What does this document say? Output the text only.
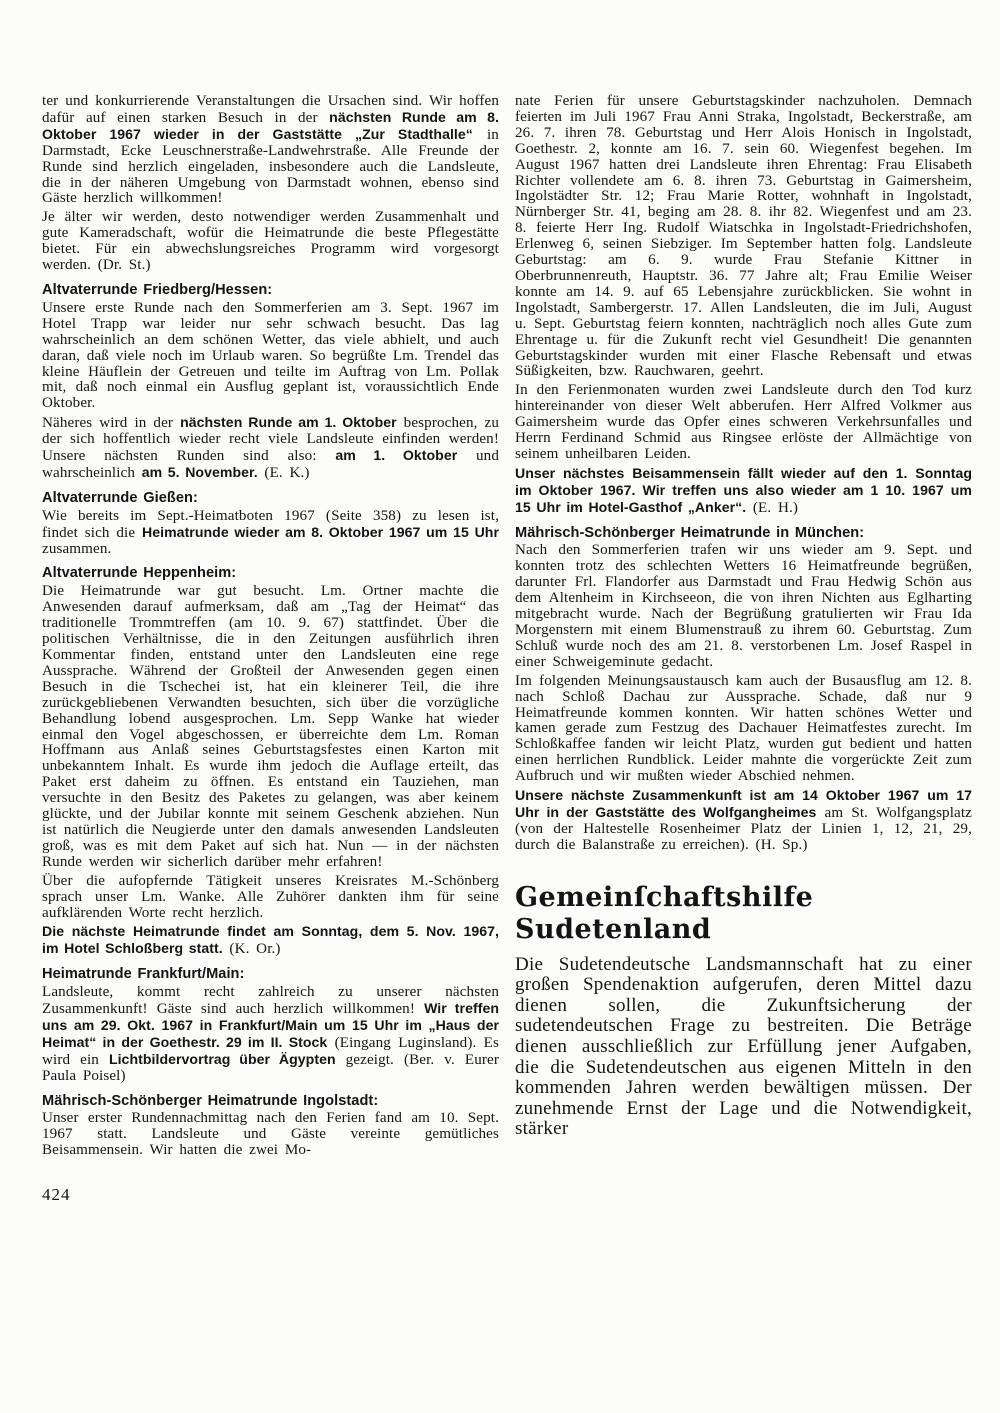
ter und konkurrierende Veranstaltungen die Ursachen sind. Wir hoffen dafür auf einen starken Besuch in der nächsten Runde am 8. Oktober 1967 wieder in der Gaststätte „Zur Stadthalle“ in Darmstadt, Ecke Leuschnerstraße-Landwehrstraße. Alle Freunde der Runde sind herzlich eingeladen, insbesondere auch die Landsleute, die in der näheren Umgebung von Darmstadt wohnen, ebenso sind Gäste herzlich willkommen!

Je älter wir werden, desto notwendiger werden Zusammenhalt und gute Kameradschaft, wofür die Heimatrunde die beste Pflegestätte bietet. Für ein abwechslungsreiches Programm wird vorgesorgt werden. (Dr. St.)

Altvaterrunde Friedberg/Hessen:

Unsere erste Runde nach den Sommerferien am 3. Sept. 1967 im Hotel Trapp war leider nur sehr schwach besucht. Das lag wahrscheinlich an dem schönen Wetter, das viele abhielt, und auch daran, daß viele noch im Urlaub waren. So begrüßte Lm. Trendel das kleine Häuflein der Getreuen und teilte im Auftrag von Lm. Pollak mit, daß noch einmal ein Ausflug geplant ist, voraussichtlich Ende Oktober.

Näheres wird in der nächsten Runde am 1. Oktober besprochen, zu der sich hoffentlich wieder recht viele Landsleute einfinden werden! Unsere nächsten Runden sind also: am 1. Oktober und wahrscheinlich am 5. November. (E. K.)

Altvaterrunde Gießen:

Wie bereits im Sept.-Heimatboten 1967 (Seite 358) zu lesen ist, findet sich die Heimatrunde wieder am 8. Oktober 1967 um 15 Uhr zusammen.

Altvaterrunde Heppenheim:

Die Heimatrunde war gut besucht. Lm. Ortner machte die Anwesenden darauf aufmerksam, daß am „Tag der Heimat“ das traditionelle Trommtreffen (am 10. 9. 67) stattfindet. Über die politischen Verhältnisse, die in den Zeitungen ausführlich ihren Kommentar finden, entstand unter den Landsleuten eine rege Aussprache. Während der Großteil der Anwesenden gegen einen Besuch in die Tschechei ist, hat ein kleinerer Teil, die ihre zurückgebliebenen Verwandten besuchten, sich über die vorzügliche Behandlung lobend ausgesprochen. Lm. Sepp Wanke hat wieder einmal den Vogel abgeschossen, er überreichte dem Lm. Roman Hoffmann aus Anlaß seines Geburtstagsfestes einen Karton mit unbekanntem Inhalt. Es wurde ihm jedoch die Auflage erteilt, das Paket erst daheim zu öffnen. Es entstand ein Tauziehen, man versuchte in den Besitz des Paketes zu gelangen, was aber keinem glückte, und der Jubilar konnte mit seinem Geschenk abziehen. Nun ist natürlich die Neugierde unter den damals anwesenden Landsleuten groß, was es mit dem Paket auf sich hat. Nun — in der nächsten Runde werden wir sicherlich darüber mehr erfahren!

Über die aufopfernde Tätigkeit unseres Kreisrates M.-Schönberg sprach unser Lm. Wanke. Alle Zuhörer dankten ihm für seine aufklärenden Worte recht herzlich.

Die nächste Heimatrunde findet am Sonntag, dem 5. Nov. 1967, im Hotel Schloßberg statt. (K. Or.)

Heimatrunde Frankfurt/Main:

Landsleute, kommt recht zahlreich zu unserer nächsten Zusammenkunft! Gäste sind auch herzlich willkommen! Wir treffen uns am 29. Okt. 1967 in Frankfurt/Main um 15 Uhr im „Haus der Heimat“ in der Goethestr. 29 im II. Stock (Eingang Luginsland). Es wird ein Lichtbildervortrag über Ägypten gezeigt. (Ber. v. Eurer Paula Poisel)

Mährisch-Schönberger Heimatrunde Ingolstadt:

Unser erster Rundennachmittag nach den Ferien fand am 10. Sept. 1967 statt. Landsleute und Gäste vereinte gemütliches Beisammensein. Wir hatten die zwei Mo-

424

nate Ferien für unsere Geburtstagskinder nachzuholen. Demnach feierten im Juli 1967 Frau Anni Straka, Ingolstadt, Beckerstraße, am 26. 7. ihren 78. Geburtstag und Herr Alois Honisch in Ingolstadt, Goethestr. 2, konnte am 16. 7. sein 60. Wiegenfest begehen. Im August 1967 hatten drei Landsleute ihren Ehrentag: Frau Elisabeth Richter vollendete am 6. 8. ihren 73. Geburtstag in Gaimersheim, Ingolstädter Str. 12; Frau Marie Rotter, wohnhaft in Ingolstadt, Nürnberger Str. 41, beging am 28. 8. ihr 82. Wiegenfest und am 23. 8. feierte Herr Ing. Rudolf Wiatschka in Ingolstadt-Friedrichshofen, Erlenweg 6, seinen Siebziger. Im September hatten folg. Landsleute Geburtstag: am 6. 9. wurde Frau Stefanie Kittner in Oberbrunnenreuth, Hauptstr. 36. 77 Jahre alt; Frau Emilie Weiser konnte am 14. 9. auf 65 Lebensjahre zurückblicken. Sie wohnt in Ingolstadt, Sambergerstr. 17. Allen Landsleuten, die im Juli, August u. Sept. Geburtstag feiern konnten, nachträglich noch alles Gute zum Ehrentage u. für die Zukunft recht viel Gesundheit! Die genannten Geburtstagskinder wurden mit einer Flasche Rebensaft und etwas Süßigkeiten, bzw. Rauchwaren, geehrt.

In den Ferienmonaten wurden zwei Landsleute durch den Tod kurz hintereinander von dieser Welt abberufen. Herr Alfred Volkmer aus Gaimersheim wurde das Opfer eines schweren Verkehrsunfalles und Herrn Ferdinand Schmid aus Ringsee erlöste der Allmächtige von seinem unheilbaren Leiden.

Unser nächstes Beisammensein fällt wieder auf den 1. Sonntag im Oktober 1967. Wir treffen uns also wieder am 1 10. 1967 um 15 Uhr im Hotel-Gasthof „Anker“. (E. H.)

Mährisch-Schönberger Heimatrunde in München:

Nach den Sommerferien trafen wir uns wieder am 9. Sept. und konnten trotz des schlechten Wetters 16 Heimatfreunde begrüßen, darunter Frl. Flandorfer aus Darmstadt und Frau Hedwig Schön aus dem Altenheim in Kirchseeon, die von ihren Nichten aus Eglharting mitgebracht wurde. Nach der Begrüßung gratulierten wir Frau Ida Morgenstern mit einem Blumenstrauß zu ihrem 60. Geburtstag. Zum Schluß wurde noch des am 21. 8. verstorbenen Lm. Josef Raspel in einer Schweigeminute gedacht.

Im folgenden Meinungsaustausch kam auch der Busausflug am 12. 8. nach Schloß Dachau zur Aussprache. Schade, daß nur 9 Heimatfreunde kommen konnten. Wir hatten schönes Wetter und kamen gerade zum Festzug des Dachauer Heimatfestes zurecht. Im Schloßkaffee fanden wir leicht Platz, wurden gut bedient und hatten einen herrlichen Rundblick. Leider mahnte die vorgerückte Zeit zum Aufbruch und wir mußten wieder Abschied nehmen.

Unsere nächste Zusammenkunft ist am 14 Oktober 1967 um 17 Uhr in der Gaststätte des Wolfgangheimes am St. Wolfgangsplatz (von der Haltestelle Rosenheimer Platz der Linien 1, 12, 21, 29, durch die Balanstraße zu erreichen). (H. Sp.)

Gemeinſchaftshilfe Sudetenland

Die Sudetendeutsche Landsmannschaft hat zu einer großen Spendenaktion aufgerufen, deren Mittel dazu dienen sollen, die Zukunftsicherung der sudetendeutschen Frage zu bestreiten. Die Beträge dienen ausschließlich zur Erfüllung jener Aufgaben, die die Sudetendeutschen aus eigenen Mitteln in den kommenden Jahren werden bewältigen müssen. Der zunehmende Ernst der Lage und die Notwendigkeit, stärker
